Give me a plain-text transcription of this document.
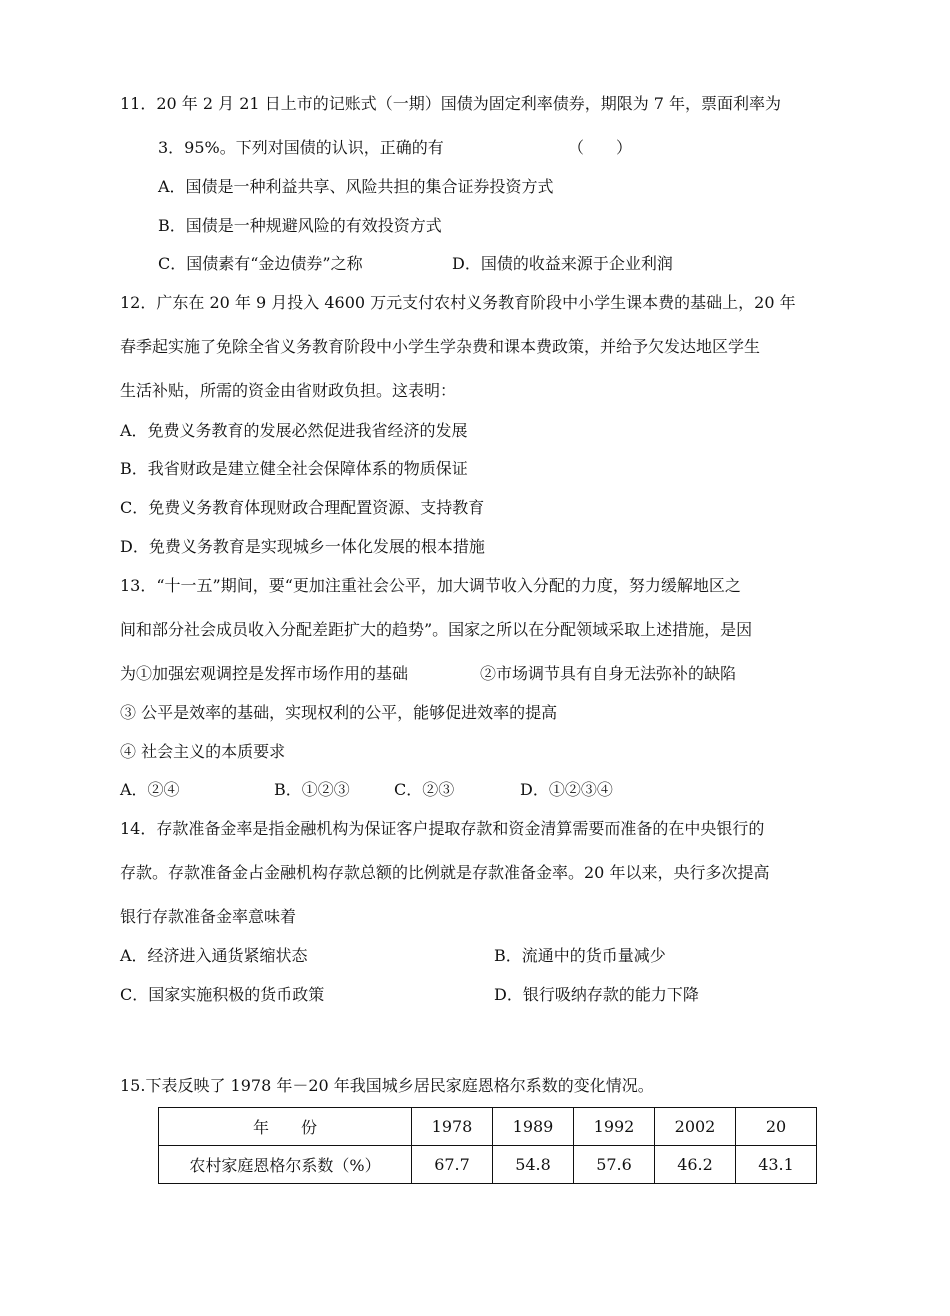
11．20 年 2 月 21 日上市的记账式（一期）国债为固定利率债券，期限为 7 年，票面利率为
3．95%。下列对国债的认识，正确的有	（　　）
A．国债是一种利益共享、风险共担的集合证券投资方式
B．国债是一种规避风险的有效投资方式
C．国债素有“金边债券”之称	D．国债的收益来源于企业利润
12．广东在 20 年 9 月投入 4600 万元支付农村义务教育阶段中小学生课本费的基础上，20 年
春季起实施了免除全省义务教育阶段中小学生学杂费和课本费政策，并给予欠发达地区学生
生活补贴，所需的资金由省财政负担。这表明：
A．免费义务教育的发展必然促进我省经济的发展
B．我省财政是建立健全社会保障体系的物质保证
C．免费义务教育体现财政合理配置资源、支持教育
D．免费义务教育是实现城乡一体化发展的根本措施
13．“十一五”期间，要“更加注重社会公平，加大调节收入分配的力度，努力缓解地区之
间和部分社会成员收入分配差距扩大的趋势”。国家之所以在分配领域采取上述措施，是因
为①加强宏观调控是发挥市场作用的基础	②市场调节具有自身无法弥补的缺陷
③ 公平是效率的基础，实现权利的公平，能够促进效率的提高
④ 社会主义的本质要求
A．②④	B．①②③	C．②③	D．①②③④
14．存款准备金率是指金融机构为保证客户提取存款和资金清算需要而准备的在中央银行的
存款。存款准备金占金融机构存款总额的比例就是存款准备金率。20 年以来，央行多次提高
银行存款准备金率意味着
A．经济进入通货紧缩状态	B．流通中的货币量减少
C．国家实施积极的货币政策	D．银行吸纳存款的能力下降
15.下表反映了 1978 年－20 年我国城乡居民家庭恩格尔系数的变化情况。
年　　份	1978	1989	1992	2002	20
农村家庭恩格尔系数（%）	67.7	54.8	57.6	46.2	43.1
